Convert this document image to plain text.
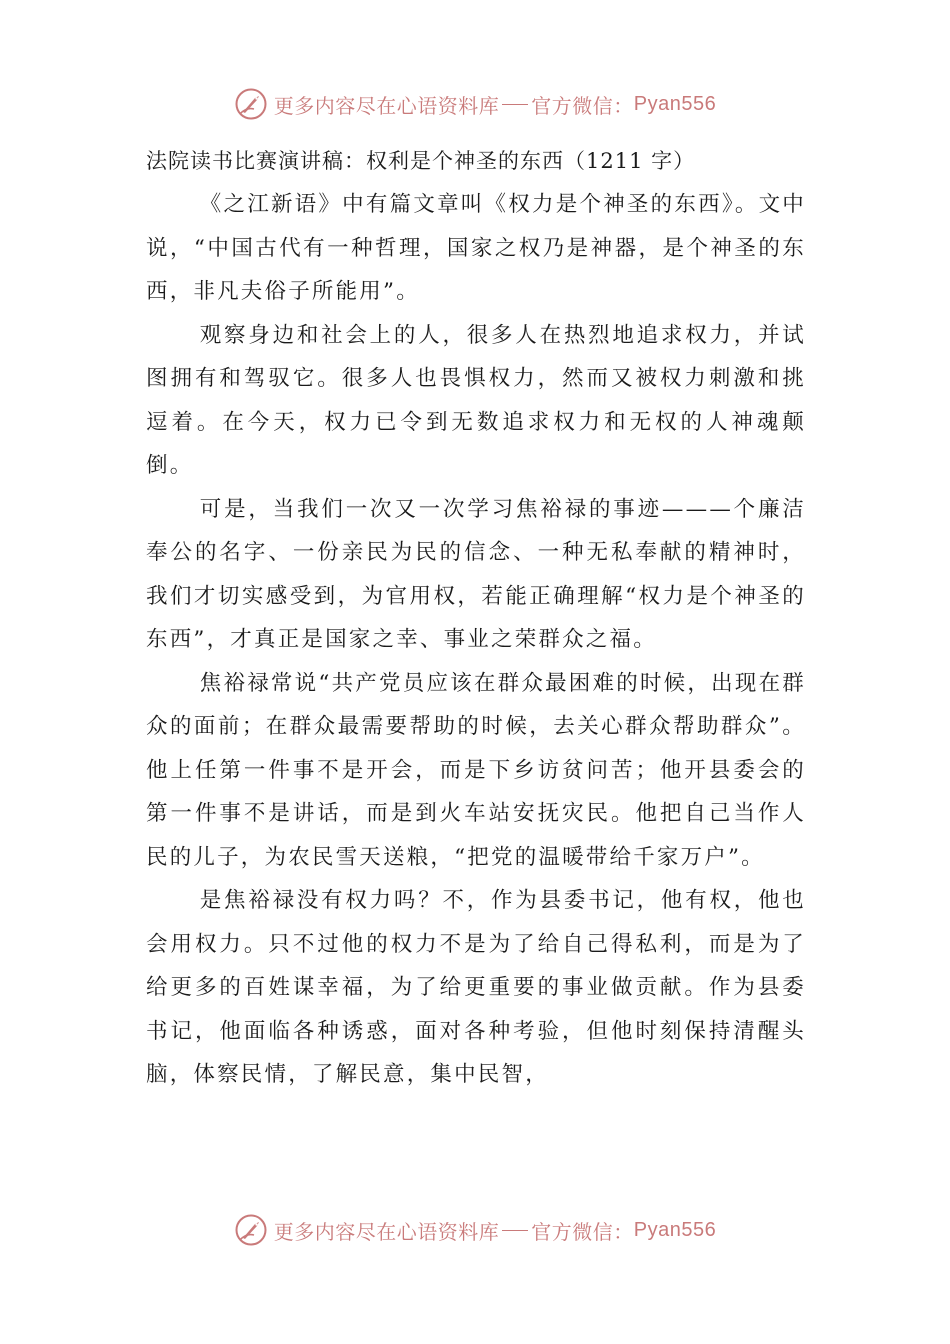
更多内容尽在心语资料库 官方微信： Pyan556

法院读书比赛演讲稿：权利是个神圣的东西（1211 字）

《之江新语》中有篇文章叫《权力是个神圣的东西》。文中说，“中国古代有一种哲理，国家之权乃是神器，是个神圣的东西，非凡夫俗子所能用”。

观察身边和社会上的人，很多人在热烈地追求权力，并试图拥有和驾驭它。很多人也畏惧权力，然而又被权力刺激和挑逗着。在今天，权力已令到无数追求权力和无权的人神魂颠倒。

可是，当我们一次又一次学习焦裕禄的事迹———个廉洁奉公的名字、一份亲民为民的信念、一种无私奉献的精神时，我们才切实感受到，为官用权，若能正确理解“权力是个神圣的东西”，才真正是国家之幸、事业之荣群众之福。

焦裕禄常说“共产党员应该在群众最困难的时候，出现在群众的面前；在群众最需要帮助的时候，去关心群众帮助群众”。他上任第一件事不是开会，而是下乡访贫问苦；他开县委会的第一件事不是讲话，而是到火车站安抚灾民。他把自己当作人民的儿子，为农民雪天送粮，“把党的温暖带给千家万户”。

是焦裕禄没有权力吗？不，作为县委书记，他有权，他也会用权力。只不过他的权力不是为了给自己得私利，而是为了给更多的百姓谋幸福，为了给更重要的事业做贡献。作为县委书记，他面临各种诱惑，面对各种考验，但他时刻保持清醒头脑，体察民情，了解民意，集中民智，

更多内容尽在心语资料库 官方微信： Pyan556
